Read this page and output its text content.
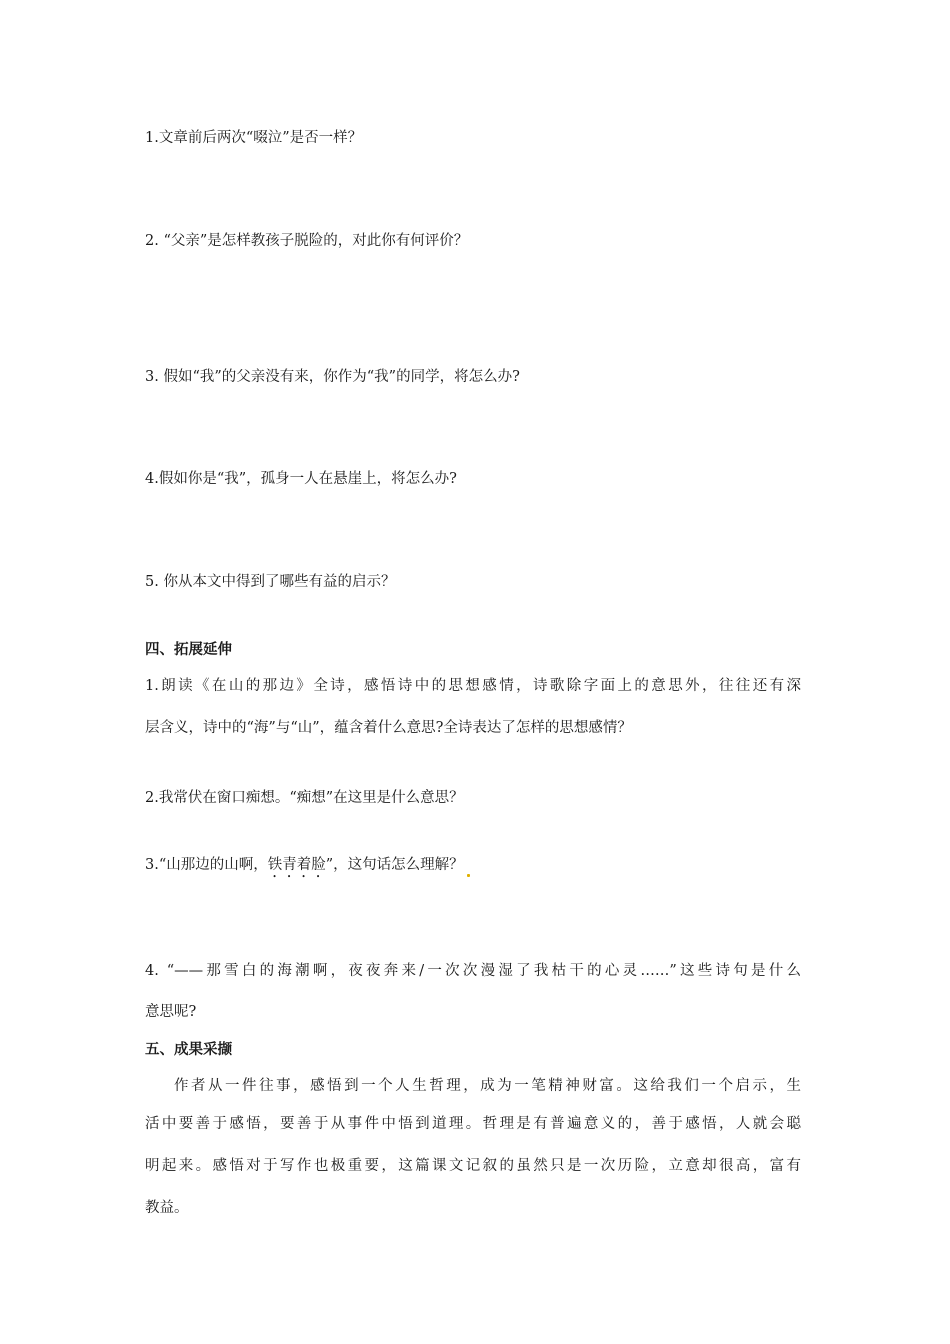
1.文章前后两次“啜泣”是否一样？
2. “父亲”是怎样教孩子脱险的，对此你有何评价？
3. 假如“我”的父亲没有来，你作为“我”的同学，将怎么办?
4.假如你是“我”，孤身一人在悬崖上，将怎么办?
5. 你从本文中得到了哪些有益的启示？
四、拓展延伸
1.朗读《在山的那边》全诗，感悟诗中的思想感情，诗歌除字面上的意思外，往往还有深
层含义，诗中的“海”与“山”，蕴含着什么意思?全诗表达了怎样的思想感情？
2.我常伏在窗口痴想。“痴想”在这里是什么意思？
3.“山那边的山啊，铁青着脸”，这句话怎么理解？
4. “——那雪白的海潮啊，夜夜奔来/一次次漫湿了我枯干的心灵……”这些诗句是什么
意思呢?
五、成果采撷
作者从一件往事，感悟到一个人生哲理，成为一笔精神财富。这给我们一个启示，生
活中要善于感悟，要善于从事件中悟到道理。哲理是有普遍意义的，善于感悟，人就会聪
明起来。感悟对于写作也极重要，这篇课文记叙的虽然只是一次历险，立意却很高，富有
教益。
